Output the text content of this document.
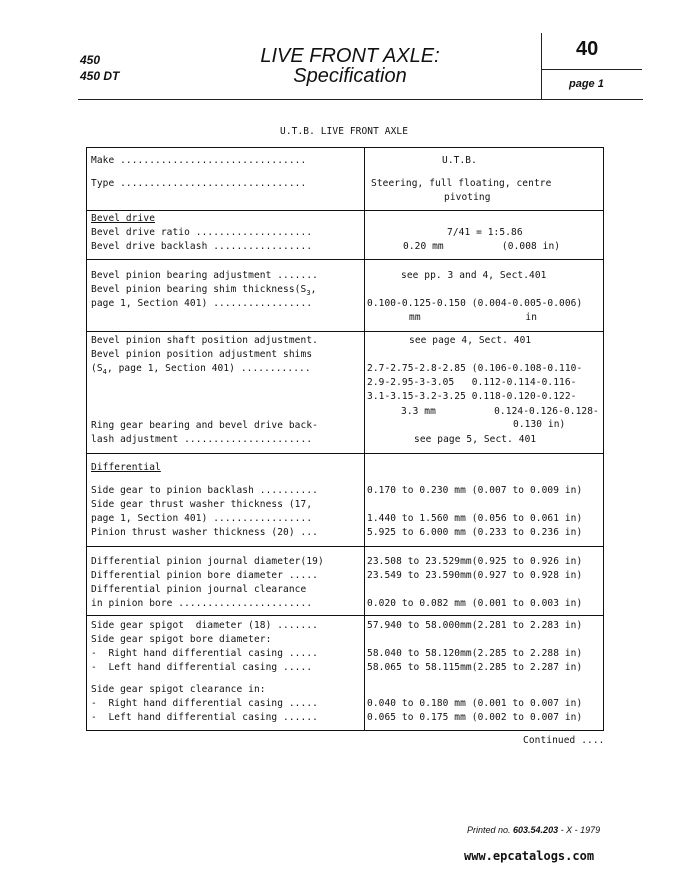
450
450 DT
LIVE FRONT AXLE:
Specification
40
page 1
U.T.B. LIVE FRONT AXLE
Make ................................	U.T.B.
Type ................................	Steering, full floating, centre
pivoting
Bevel drive
Bevel drive ratio ....................	7/41 = 1:5.86
Bevel drive backlash .................	0.20 mm          (0.008 in)
Bevel pinion bearing adjustment .......	see pp. 3 and 4, Sect.401
Bevel pinion bearing shim $thickness(S_3$,
page 1, Section 401) .................	0.100-0.125-0.150 (0.004-0.005-0.006)
mm                  in
Bevel pinion shaft position adjustment.	see page 4, Sect. 401
Bevel pinion position adjustment shims
($S_4$, page 1, Section 401) ............	2.7-2.75-2.8-2.85 (0.106-0.108-0.110-
2.9-2.95-3-3.05   0.112-0.114-0.116-
3.1-3.15-3.2-3.25 0.118-0.120-0.122-
3.3 mm          0.124-0.126-0.128-
0.130 in)
Ring gear bearing and bevel drive back-
lash adjustment ......................	see page 5, Sect. 401
Differential
Side gear to pinion backlash ..........	0.170 to 0.230 mm (0.007 to 0.009 in)
Side gear thrust washer thickness (17,
page 1, Section 401) .................	1.440 to 1.560 mm (0.056 to 0.061 in)
Pinion thrust washer thickness (20) ...	5.925 to 6.000 mm (0.233 to 0.236 in)
Differential pinion journal diameter(19)	23.508 to 23.529mm(0.925 to 0.926 in)
Differential pinion bore diameter .....	23.549 to 23.590mm(0.927 to 0.928 in)
Differential pinion journal clearance
in pinion bore .......................	0.020 to 0.082 mm (0.001 to 0.003 in)
Side gear spigot  diameter (18) .......	57.940 to 58.000mm(2.281 to 2.283 in)
Side gear spigot bore diameter:
-  Right hand differential casing .....	58.040 to 58.120mm(2.285 to 2.288 in)
-  Left hand differential casing .....	58.065 to 58.115mm(2.285 to 2.287 in)
Side gear spigot clearance in:
-  Right hand differential casing .....	0.040 to 0.180 mm (0.001 to 0.007 in)
-  Left hand differential casing ......	0.065 to 0.175 mm (0.002 to 0.007 in)
Continued ....
Printed no. 603.54.203 - X - 1979
www.epcatalogs.com
